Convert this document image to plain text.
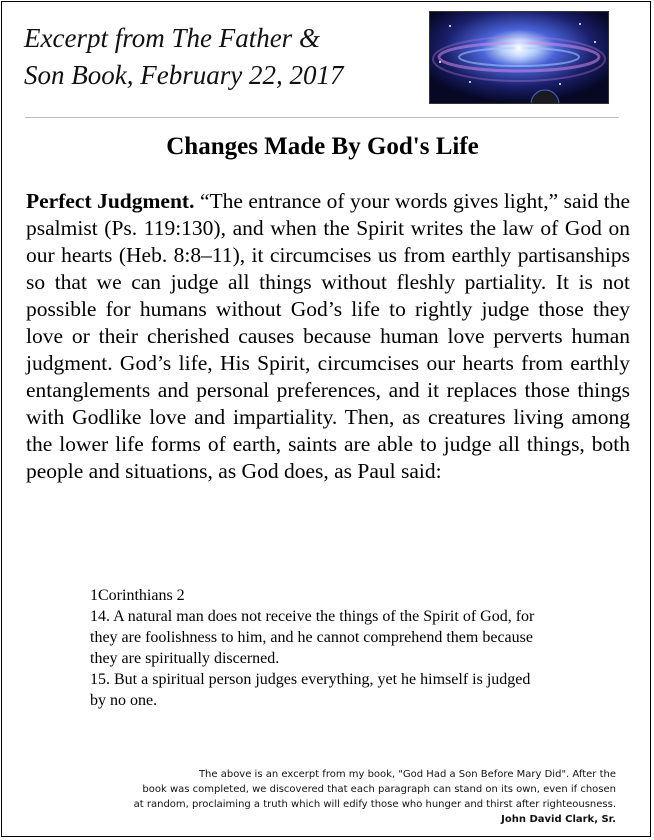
Excerpt from The Father &
Son Book, February 22, 2017
Changes Made By God's Life

Perfect Judgment. “The entrance of your words gives light,” said the psalmist (Ps. 119:130), and when the Spirit writes the law of God on our hearts (Heb. 8:8–11), it circumcises us from earthly partisanships so that we can judge all things without fleshly partiality. It is not possible for humans without God’s life to rightly judge those they love or their cherished causes because human love perverts human judgment. God’s life, His Spirit, circumcises our hearts from earthly entanglements and personal preferences, and it replaces those things with Godlike love and impartiality. Then, as creatures living among the lower life forms of earth, saints are able to judge all things, both people and situations, as God does, as Paul said:

1Corinthians 2
14. A natural man does not receive the things of the Spirit of God, for they are foolishness to him, and he cannot comprehend them because they are spiritually discerned.
15. But a spiritual person judges everything, yet he himself is judged by no one.
The above is an excerpt from my book, "God Had a Son Before Mary Did". After the
book was completed, we discovered that each paragraph can stand on its own, even if chosen
at random, proclaiming a truth which will edify those who hunger and thirst after righteousness.
John David Clark, Sr.
